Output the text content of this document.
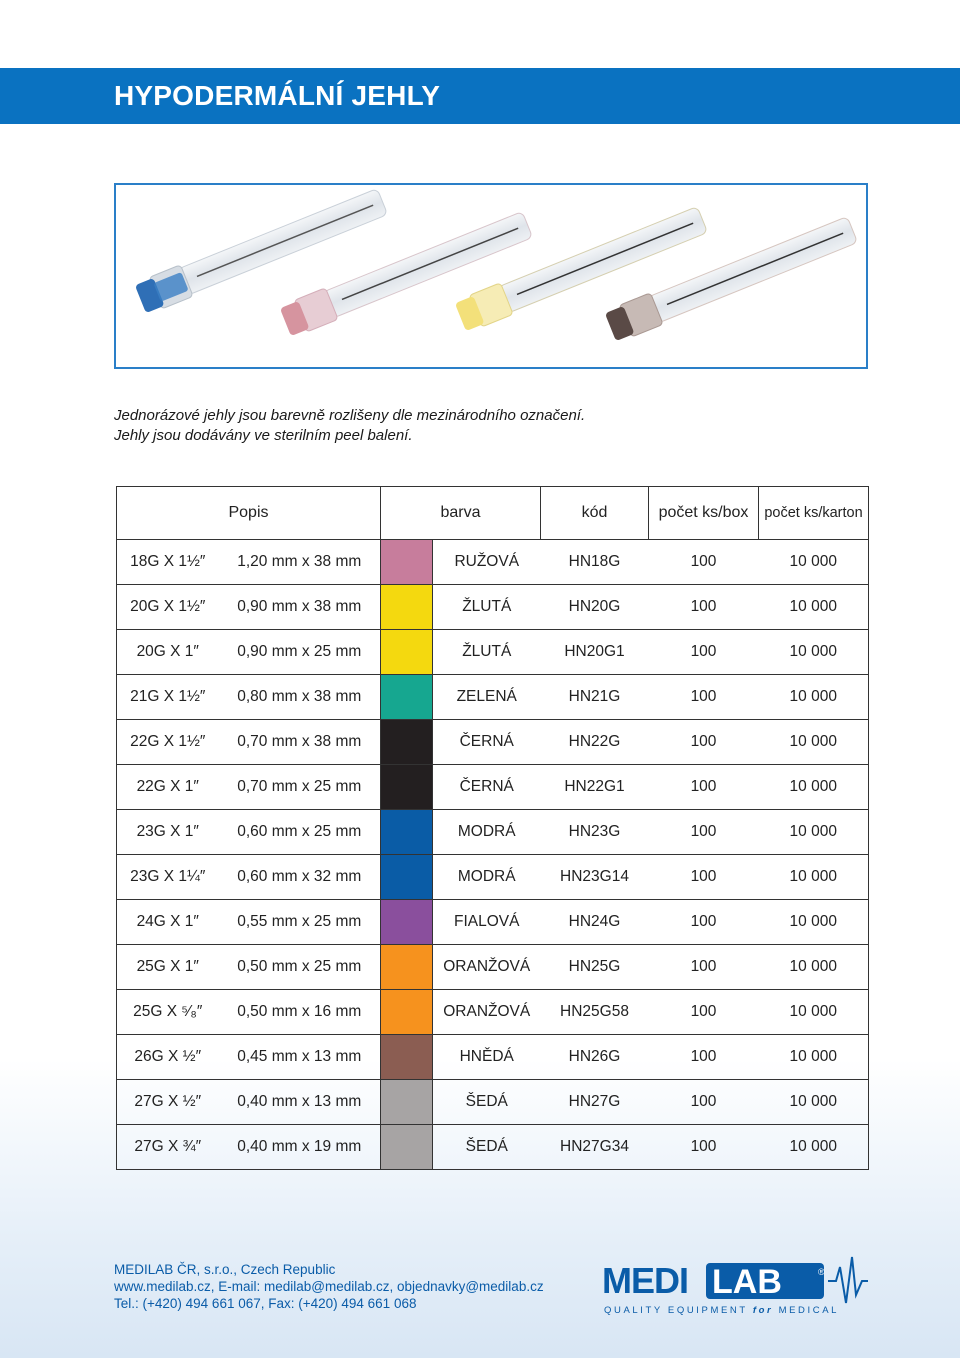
HYPODERMÁLNÍ JEHLY

Jednorázové jehly jsou barevně rozlišeny dle mezinárodního označení.

Jehly jsou dodávány ve sterilním peel balení.

Popis		barva		kód	počet ks/box	počet ks/karton
18G X 1½″	1,20 mm x 38 mm		RUŽOVÁ	HN18G	100	10 000
20G X 1½″	0,90 mm x 38 mm		ŽLUTÁ	HN20G	100	10 000
20G X 1″	0,90 mm x 25 mm		ŽLUTÁ	HN20G1	100	10 000
21G X 1½″	0,80 mm x 38 mm		ZELENÁ	HN21G	100	10 000
22G X 1½″	0,70 mm x 38 mm		ČERNÁ	HN22G	100	10 000
22G X 1″	0,70 mm x 25 mm		ČERNÁ	HN22G1	100	10 000
23G X 1″	0,60 mm x 25 mm		MODRÁ	HN23G	100	10 000
23G X 1¼″	0,60 mm x 32 mm		MODRÁ	HN23G14	100	10 000
24G X 1″	0,55 mm x 25 mm		FIALOVÁ	HN24G	100	10 000
25G X 1″	0,50 mm x 25 mm		ORANŽOVÁ	HN25G	100	10 000
25G X ⁵⁄₈″	0,50 mm x 16 mm		ORANŽOVÁ	HN25G58	100	10 000
26G X ½″	0,45 mm x 13 mm		HNĚDÁ	HN26G	100	10 000
27G X ½″	0,40 mm x 13 mm		ŠEDÁ	HN27G	100	10 000
27G X ¾″	0,40 mm x 19 mm		ŠEDÁ	HN27G34	100	10 000
MEDILAB ČR, s.r.o., Czech Republic
www.medilab.cz, E-mail: medilab@medilab.cz, objednavky@medilab.cz
Tel.: (+420) 494 661 067, Fax: (+420) 494 661 068
MEDI LAB	®
QUALITY EQUIPMENT for MEDICAL
